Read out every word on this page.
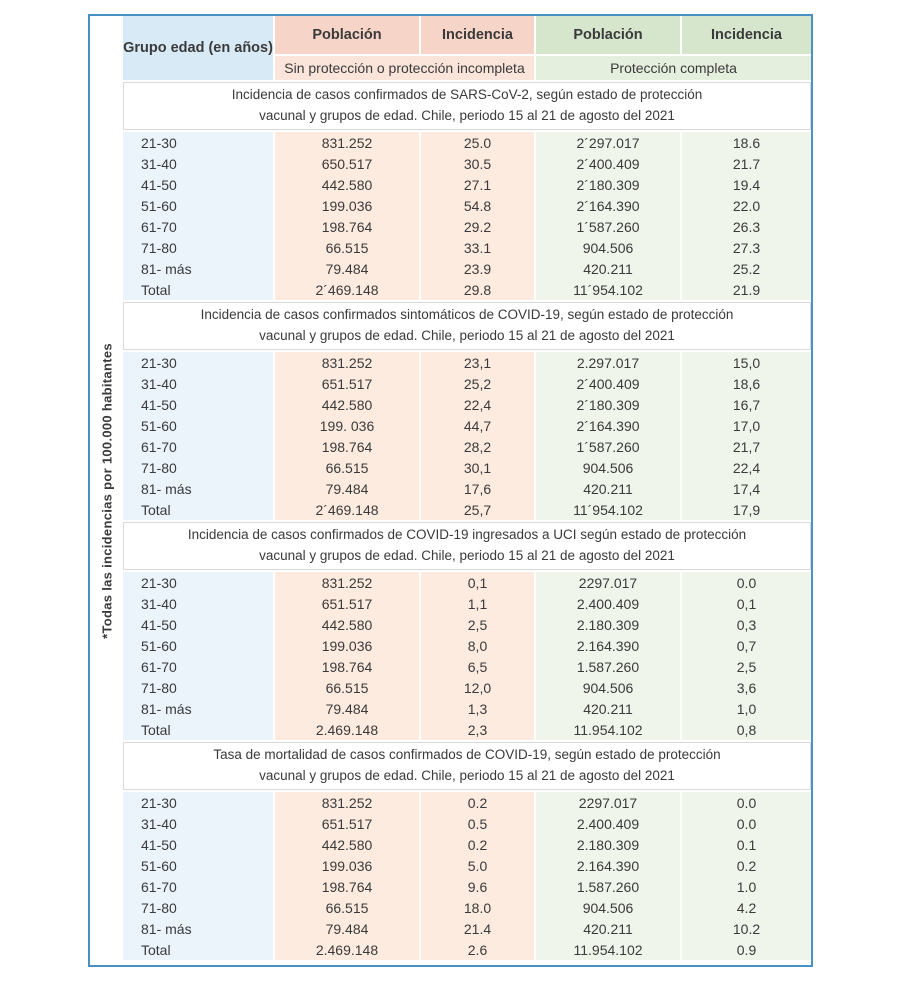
*Todas las incidencias por 100.000 habitantes
Grupo edad (en años)
Población	Incidencia	Población	Incidencia
Sin protección o protección incompleta	Protección completa
Incidencia de casos confirmados de SARS-CoV-2, según estado de protección
vacunal y grupos de edad. Chile, periodo 15 al 21 de agosto del 2021
21-30	831.252	25.0	2´297.017	18.6
31-40	650.517	30.5	2´400.409	21.7
41-50	442.580	27.1	2´180.309	19.4
51-60	199.036	54.8	2´164.390	22.0
61-70	198.764	29.2	1´587.260	26.3
71-80	66.515	33.1	904.506	27.3
81- más	79.484	23.9	420.211	25.2
Total	2´469.148	29.8	11´954.102	21.9
Incidencia de casos confirmados sintomáticos de COVID-19, según estado de protección
vacunal y grupos de edad. Chile, periodo 15 al 21 de agosto del 2021
21-30	831.252	23,1	2.297.017	15,0
31-40	651.517	25,2	2´400.409	18,6
41-50	442.580	22,4	2´180.309	16,7
51-60	199. 036	44,7	2´164.390	17,0
61-70	198.764	28,2	1´587.260	21,7
71-80	66.515	30,1	904.506	22,4
81- más	79.484	17,6	420.211	17,4
Total	2´469.148	25,7	11´954.102	17,9
Incidencia de casos confirmados de COVID-19 ingresados a UCI según estado de protección
vacunal y grupos de edad. Chile, periodo 15 al 21 de agosto del 2021
21-30	831.252	0,1	2297.017	0.0
31-40	651.517	1,1	2.400.409	0,1
41-50	442.580	2,5	2.180.309	0,3
51-60	199.036	8,0	2.164.390	0,7
61-70	198.764	6,5	1.587.260	2,5
71-80	66.515	12,0	904.506	3,6
81- más	79.484	1,3	420.211	1,0
Total	2.469.148	2,3	11.954.102	0,8
Tasa de mortalidad de casos confirmados de COVID-19, según estado de protección
vacunal y grupos de edad. Chile, periodo 15 al 21 de agosto del 2021
21-30	831.252	0.2	2297.017	0.0
31-40	651.517	0.5	2.400.409	0.0
41-50	442.580	0.2	2.180.309	0.1
51-60	199.036	5.0	2.164.390	0.2
61-70	198.764	9.6	1.587.260	1.0
71-80	66.515	18.0	904.506	4.2
81- más	79.484	21.4	420.211	10.2
Total	2.469.148	2.6	11.954.102	0.9
